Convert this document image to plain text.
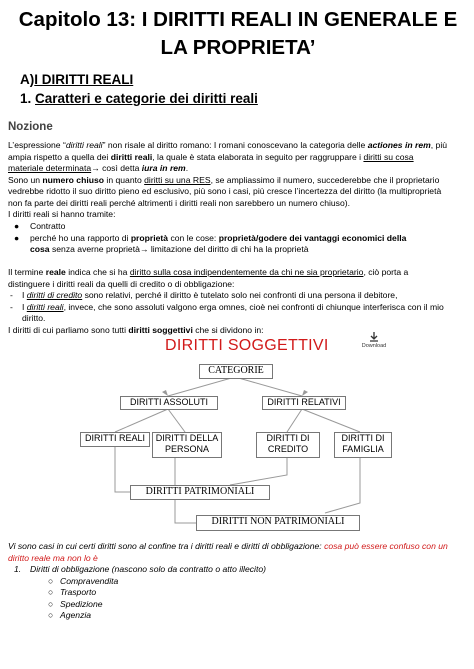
Capitolo 13: I DIRITTI REALI IN GENERALE E
LA PROPRIETA’
A)I DIRITTI REALI
1. Caratteri e categorie dei diritti reali
Nozione
L’espressione “diritti reali” non risale al diritto romano: I romani conoscevano la categoria delle actiones in rem, più
ampia rispetto a quella dei diritti reali, la quale è stata elaborata in seguito per raggruppare i diritti su cosa
materiale determinata→ così detta iura in rem.
Sono un numero chiuso in quanto diritti su una RES, se ampliassimo il numero, succederebbe che il proprietario
vedrebbe ridotto il suo diritto pieno ed esclusivo, più sono i casi, più cresce l’incertezza del diritto (la multiproprietà
non fa parte dei diritti reali perché altrimenti i diritti reali non sarebbero un numero chiuso).
I diritti reali si hanno tramite:
● Contratto
● perché ho una rapporto di proprietà con le cose: proprietà/godere dei vantaggi economici della
cosa senza averne proprietà→ limitazione del diritto di chi ha la proprietà
Il termine reale indica che si ha diritto sulla cosa indipendentemente da chi ne sia proprietario, ciò porta a
distinguere i diritti reali da quelli di credito o di obbligazione:
- I diritti di credito sono relativi, perché il diritto è tutelato solo nei confronti di una persona il debitore,
- I diritti reali, invece, che sono assoluti valgono erga omnes, cioè nei confronti di chiunque interferisca con il mio
diritto.
I diritti di cui parliamo sono tutti diritti soggettivi che si dividono in:
Download
DIRITTI SOGGETTIVI
CATEGORIE
DIRITTI ASSOLUTI	DIRITTI RELATIVI
DIRITTI REALI	DIRITTI DELLA
PERSONA
DIRITTI DI
CREDITO
DIRITTI DI
FAMIGLIA
DIRITTI PATRIMONIALI
DIRITTI NON PATRIMONIALI
Vi sono casi in cui certi diritti sono al confine tra i diritti reali e diritti di obbligazione: cosa può essere confuso con un
diritto reale ma non lo è
1. Diritti di obbligazione (nascono solo da contratto o atto illecito)
○ Compravendita
○ Trasporto
○ Spedizione
○ Agenzia
